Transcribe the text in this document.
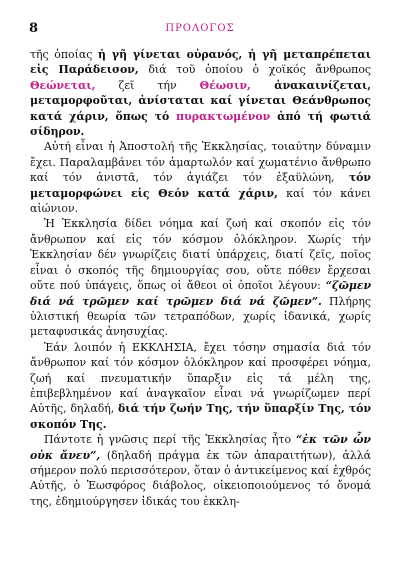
8	ΠΡΟΛΟΓΟΣ

τῆς ὁποίας ἡ γῆ γίνεται οὐρανός, ἡ γῆ μεταπρέπεται εἰς Παράδεισον, διά τοῦ ὁποίου ὁ χοϊκός ἄνθρωπος Θεώνεται, ζεῖ τήν Θέωσιν, ἀνακαινίζεται, μεταμορφοῦται, ἀνίσταται καί γίνεται Θεάνθρωπος κατά χάριν, ὅπως τό πυρακτωμένον ἀπό τή φωτιά σίδηρον.

Αὐτή εἶναι ἡ Ἀποστολή τῆς Ἐκκλησίας, τοιαύτην δύναμιν ἔχει. Παραλαμβάνει τόν ἁμαρτωλόν καί χωματένιο ἄνθρωπο καί τόν ἀνιστᾶ, τόν ἁγιάζει τόν ἐξαϋλώνη, τόν μεταμορφώνει εἰς Θεόν κατά χάριν, καί τόν κάνει αἰώνιον.

Ἡ Ἐκκλησία δίδει νόημα καί ζωή καί σκοπόν εἰς τόν ἄνθρωπον καί εἰς τόν κόσμον ὁλόκληρον. Χωρίς τήν Ἐκκλησίαν δέν γνωρίζεις διατί ὑπάρχεις, διατί ζεῖς, ποῖος εἶναι ὁ σκοπός τῆς δημιουργίας σου, οὔτε πόθεν ἔρχεσαι οὔτε πού ὑπάγεις, ὅπως οἱ ἄθεοι οἱ ὁποῖοι λέγουν: “ζῶμεν διά νά τρῶμεν καί τρῶμεν διά νά ζῶμεν”. Πλήρης ὑλιστική θεωρία τῶν τετραπόδων, χωρίς ἰδανικά, χωρίς μεταφυσικάς ἀνησυχίας.

Ἐάν λοιπόν ἡ ΕΚΚΛΗΣΙΑ, ἔχει τόσην σημασία διά τόν ἄνθρωπον καί τόν κόσμον ὁλόκληρον καί προσφέρει νόημα, ζωή καί πνευματικήν ὕπαρξιν εἰς τά μέλη της, ἐπιβεβλημένον καί ἀναγκαῖον εἶναι νά γνωρίζωμεν περί Αὐτῆς, δηλαδή, διά τήν ζωήν Της, τήν ὕπαρξίν Της, τόν σκοπόν Της.

Πάντοτε ἡ γνῶσις περί τῆς Ἐκκλησίας ἦτο “ἐκ τῶν ὧν οὐκ ἄνευ”, (δηλαδή πράγμα ἐκ τῶν ἀπαραιτήτων), ἀλλά σήμερον πολύ περισσότερον, ὅταν ὁ ἀντικείμενος καί ἐχθρός Αὐτῆς, ὁ Ἑωσφόρος διάβολος, οἰκειοποιούμενος τό ὄνομά της, ἐδημιούργησεν ἰδικάς του ἐκκλη-
